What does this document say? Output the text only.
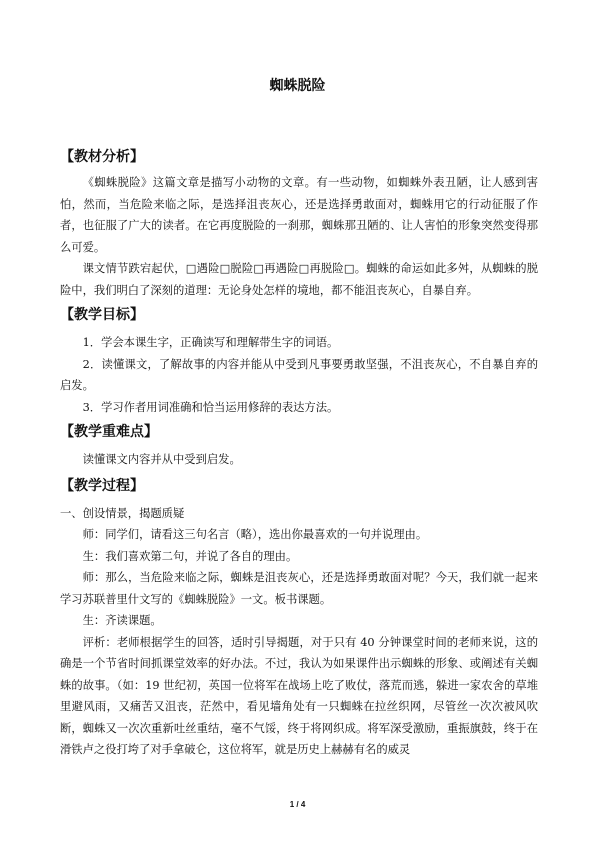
蜘蛛脱险

【教材分析】

《蜘蛛脱险》这篇文章是描写小动物的文章。有一些动物，如蜘蛛外表丑陋，让人感到害怕，然而，当危险来临之际，是选择沮丧灰心，还是选择勇敢面对，蜘蛛用它的行动征服了作者，也征服了广大的读者。在它再度脱险的一刹那，蜘蛛那丑陋的、让人害怕的形象突然变得那么可爱。

课文情节跌宕起伏，□遇险□脱险□再遇险□再脱险□。蜘蛛的命运如此多舛，从蜘蛛的脱险中，我们明白了深刻的道理：无论身处怎样的境地，都不能沮丧灰心，自暴自弃。

【教学目标】

1．学会本课生字，正确读写和理解带生字的词语。

2．读懂课文，了解故事的内容并能从中受到凡事要勇敢坚强，不沮丧灰心，不自暴自弃的启发。

3．学习作者用词准确和恰当运用修辞的表达方法。

【教学重难点】

读懂课文内容并从中受到启发。

【教学过程】

一、创设情景，揭题质疑

师：同学们，请看这三句名言（略），选出你最喜欢的一句并说理由。

生：我们喜欢第二句，并说了各自的理由。

师：那么，当危险来临之际，蜘蛛是沮丧灰心，还是选择勇敢面对呢？今天，我们就一起来学习苏联普里什文写的《蜘蛛脱险》一文。板书课题。

生：齐读课题。

评析：老师根据学生的回答，适时引导揭题，对于只有 40 分钟课堂时间的老师来说，这的确是一个节省时间抓课堂效率的好办法。不过，我认为如果课件出示蜘蛛的形象、或阐述有关蜘蛛的故事。（如：19 世纪初，英国一位将军在战场上吃了败仗，落荒而逃，躲进一家农舍的草堆里避风雨，又痛苦又沮丧，茫然中，看见墙角处有一只蜘蛛在拉丝织网，尽管丝一次次被风吹断，蜘蛛又一次次重新吐丝重结，毫不气馁，终于将网织成。将军深受激励，重振旗鼓，终于在滑铁卢之役打垮了对手拿破仑，这位将军，就是历史上赫赫有名的威灵

1 / 4
